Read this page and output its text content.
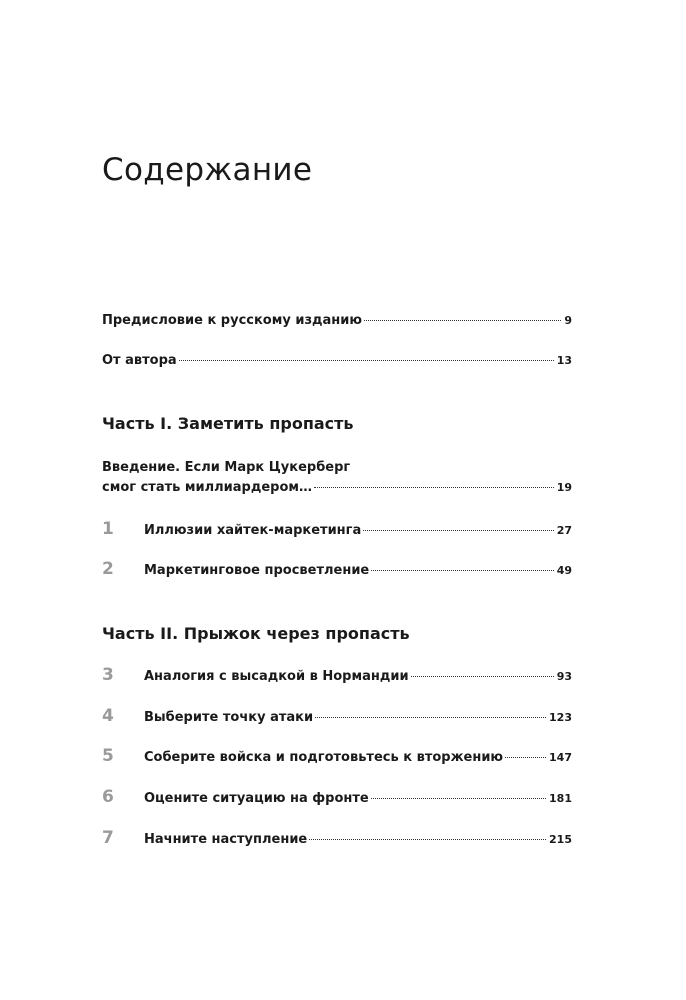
Содержание
Предисловие к русскому изданию	9
От автора	13
Часть I. Заметить пропасть
Введение. Если Марк Цукерберг
смог стать миллиардером…	19
1	Иллюзии хайтек-маркетинга	27
2	Маркетинговое просветление	49
Часть II. Прыжок через пропасть
3	Аналогия с высадкой в Нормандии	93
4	Выберите точку атаки	123
5	Соберите войска и подготовьтесь к вторжению	147
6	Оцените ситуацию на фронте	181
7	Начните наступление	215
